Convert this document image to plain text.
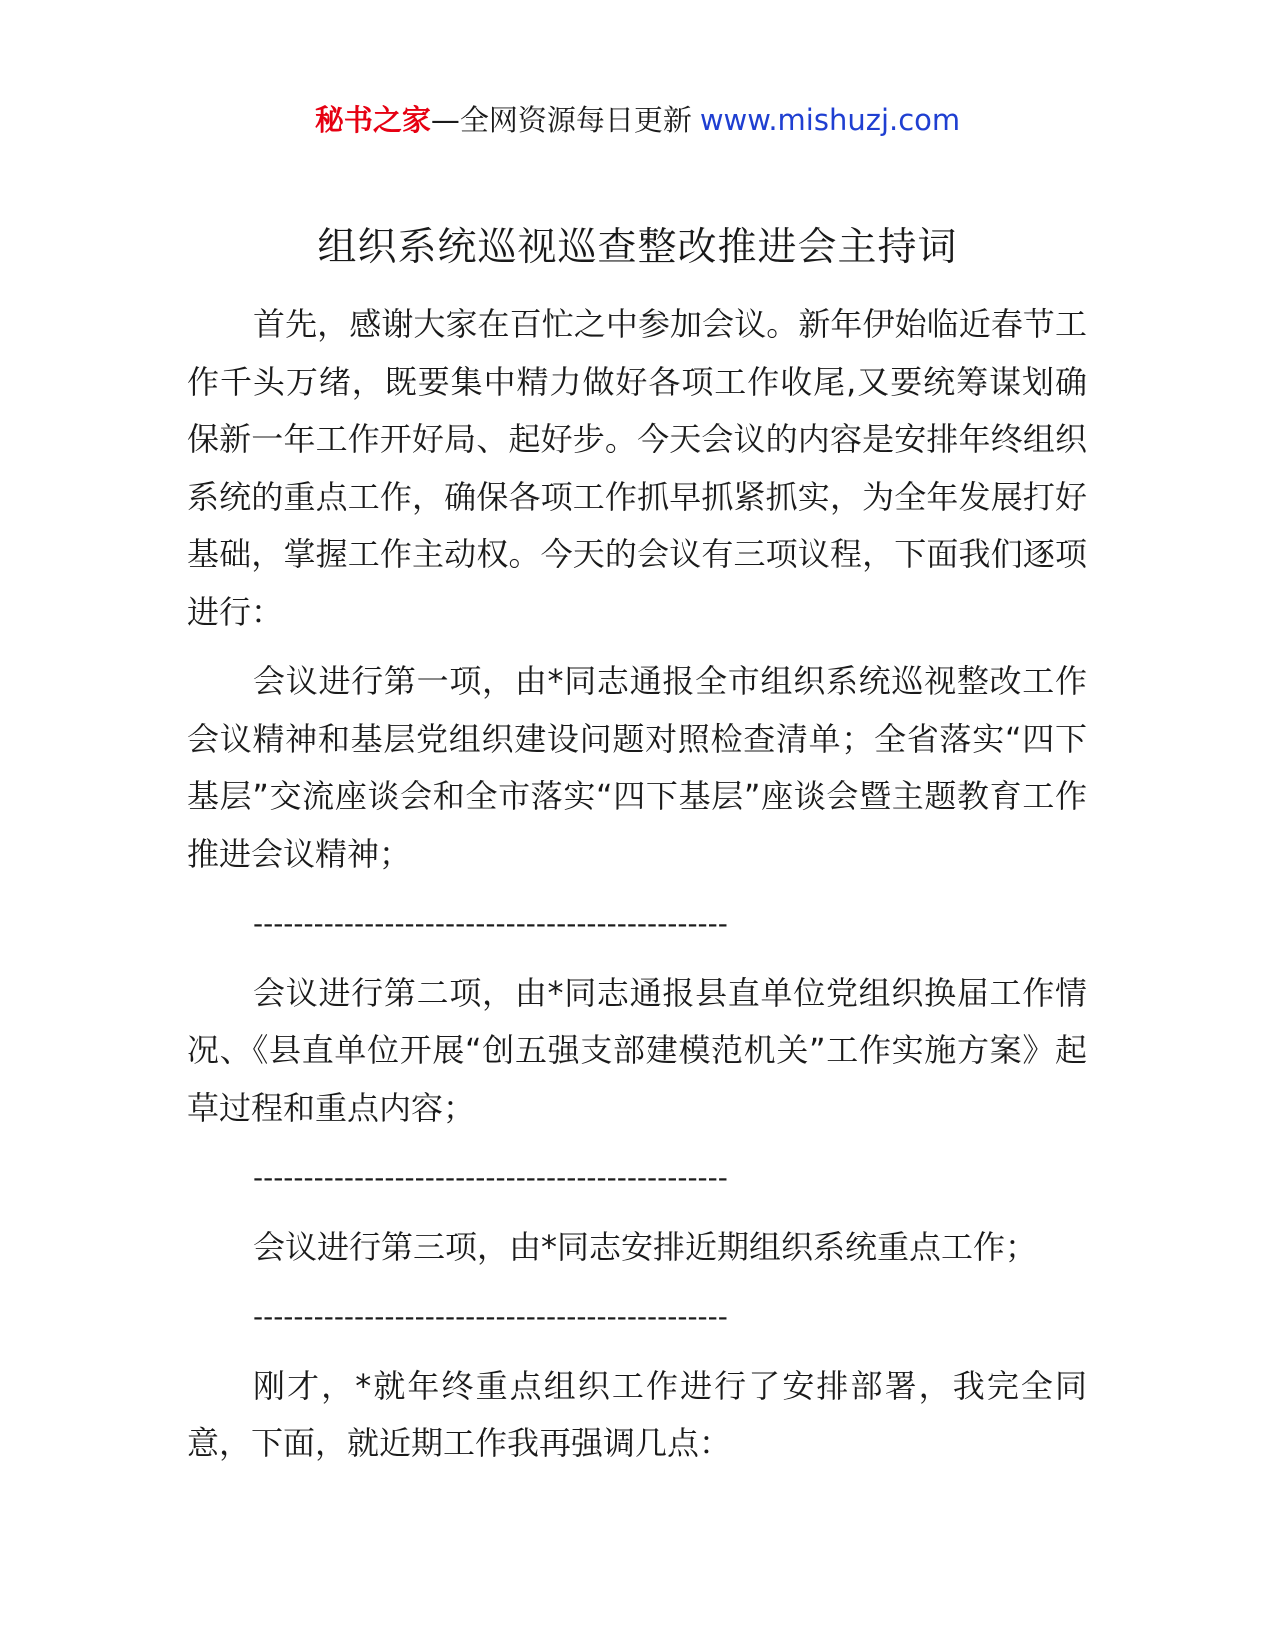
秘书之家—全网资源每日更新 www.mishuzj.com
组织系统巡视巡查整改推进会主持词

首先，感谢大家在百忙之中参加会议。新年伊始临近春节工作千头万绪，既要集中精力做好各项工作收尾,又要统筹谋划确保新一年工作开好局、起好步。今天会议的内容是安排年终组织系统的重点工作，确保各项工作抓早抓紧抓实，为全年发展打好基础，掌握工作主动权。今天的会议有三项议程，下面我们逐项进行：

会议进行第一项，由*同志通报全市组织系统巡视整改工作会议精神和基层党组织建设问题对照检查清单；全省落实“四下基层”交流座谈会和全市落实“四下基层”座谈会暨主题教育工作推进会议精神；

-----------------------------------------------

会议进行第二项，由*同志通报县直单位党组织换届工作情况、《县直单位开展“创五强支部建模范机关”工作实施方案》起草过程和重点内容；

-----------------------------------------------

会议进行第三项，由*同志安排近期组织系统重点工作；

-----------------------------------------------

刚才，*就年终重点组织工作进行了安排部署，我完全同意，下面，就近期工作我再强调几点：
